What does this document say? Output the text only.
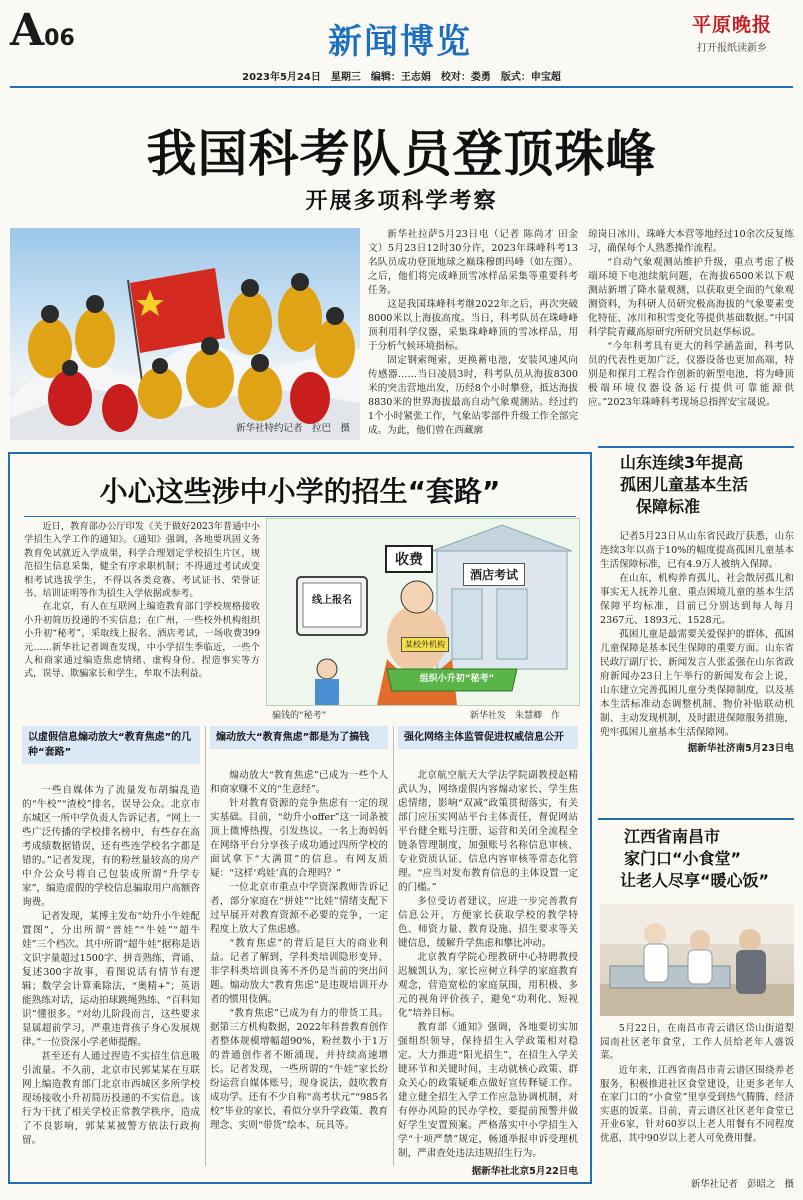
A06	新闻博览	平原晚报
打开报纸读新乡
2023年5月24日　星期三　编辑：王志娟　校对：娄勇　版式：申宝超
我国科考队员登顶珠峰
开展多项科学考察
新华社特约记者　拉巴　摄

新华社拉萨5月23日电（记者 陈尚才 田金文）5月23日12时30分许，2023年珠峰科考13名队员成功登顶地球之巅珠穆朗玛峰（如左图）。之后，他们将完成峰顶雪冰样品采集等重要科考任务。

这是我国珠峰科考继2022年之后，再次突破8000米以上海拔高度。当日，科考队员在珠峰峰顶利用科学仪器，采集珠峰峰顶的雪冰样品，用于分析气候环境指标。

固定钢索绳索，更换蓄电池，安装风速风向传感器……当日凌晨3时，科考队员从海拔8300米的突击营地出发，历经8个小时攀登，抵达海拔8830米的世界海拔最高自动气象观测站。经过约1个小时紧张工作，气象站零部件升级工作全部完成。为此，他们曾在西藏廓

琼岗日冰川、珠峰大本营等地经过10余次反复练习，确保每个人熟悉操作流程。

“自动气象观测站维护升级，重点考虑了极端环境下电池续航问题，在海拔6500米以下观测站新增了降水量观测，以获取更全面的气象观测资料，为科研人员研究极高海拔的气象要素变化特征、冰川和积雪变化等提供基础数据。”中国科学院青藏高原研究所研究员赵华标说。

“今年科考具有更大的科学涵盖面，科考队员的代表性更加广泛，仪器设备也更加高端，特别是和探月工程合作创新的新型电池，将为峰顶极端环境仪器设备运行提供可靠能源供应。”2023年珠峰科考现场总指挥安宝晟说。

小心这些涉中小学的招生“套路”

近日，教育部办公厅印发《关于做好2023年普通中小学招生入学工作的通知》。《通知》强调，各地要巩固义务教育免试就近入学成果，科学合理划定学校招生片区，规范招生信息采集，健全有序求职机制；不得通过考试或变相考试选拔学生，不得以各类竞赛、考试证书、荣誉证书、培训证明等作为招生入学依据或参考。

在北京，有人在互联网上编造教育部门学校规格接收小升初简历投递的不实信息；在广州，一些校外机构组织小升初“秘考”，采取线上报名、酒店考试，一场收费399元……新华社记者调查发现，中小学招生季临近，一些个人和商家通过编造焦虑情绪、虚构身份、捏造事实等方式，误导、欺骗家长和学生，牟取不法利益。

收费
酒店考试
线上报名
某校外机构
组织小升初“秘考”
骗钱的“秘考”	新华社发　朱慧卿　作
以虚假信息煽动放大“教育焦虑”的几种“套路”

一些自媒体为了流量发布胡编乱造的“牛校”“渣校”排名，误导公众。北京市东城区一所中学负责人告诉记者，“网上一些广泛传播的学校排名榜中，有些存在高考成绩数据错误，还有些连学校名字都是错的。”记者发现，有的粉丝量较高的房产中介公众号将自己包装成所谓“升学专家”，编造虚假的学校信息骗取用户高额咨询费。

记者发现，某博主发布“幼升小牛娃配置图”，分出所谓“普娃”“牛娃”“超牛娃”三个档次。其中所谓“超牛娃”据称是语文识字量超过1500字、拼音熟练，背诵、复述300字故事，看图说话有情节有逻辑；数学会计算乘除法，“奥精+”；英语能熟练对话，运动拍球跳绳熟练、“百科知识”懂很多。“对幼儿阶段而言，这些要求显属超前学习，严重违背孩子身心发展规律。”一位资深小学老师提醒。

甚至还有人通过捏造不实招生信息吸引流量。不久前，北京市民郭某某在互联网上编造教育部门北京市西城区多所学校现场接收小升初简历投递的不实信息。该行为干扰了相关学校正常教学秩序，造成了不良影响，郭某某被警方依法行政拘留。

煽动放大“教育焦虑”都是为了搞钱

煽动放大“教育焦虑”已成为一些个人和商家赚不义的“生意经”。

针对教育资源的竞争焦虑有一定的现实基础。目前，“幼升小offer”这一词条被顶上微博热搜，引发热议。一名上海妈妈在网络平台分享孩子成功通过四所学校的面试拿下“大满贯”的信息。有网友质疑：“这样‘鸡娃’真的合理吗？”

一位北京市重点中学资深教师告诉记者，部分家庭在“拼娃”“比娃”情绪支配下过早展开对教育资源不必要的竞争，一定程度上放大了焦虑感。

“教育焦虑”的背后是巨大的商业利益。记者了解到，学科类培训隐形变异、非学科类培训良莠不齐仍是当前的突出问题。煽动放大“教育焦虑”是违规培训开办者的惯用伎俩。

“教育焦虑”已成为有力的带货工具。据第三方机构数据，2022年科普教育创作者整体规模增幅超90%，粉丝数小于1万的普通创作者不断涌现，并持续高速增长。记者发现，一些所谓的“牛娃”家长纷纷运营自媒体账号，现身说法，鼓吹教育成功学。还有不少自称“高考状元”“985名校”毕业的家长，看似分享升学政策、教育理念、实则“带货”绘本、玩具等。

强化网络主体监管促进权威信息公开

北京航空航天大学法学院副教授赵精武认为，网络虚假内容煽动家长、学生焦虑情绪，影响“双减”政策贯彻落实，有关部门应压实网站平台主体责任，督促网站平台健全账号注册、运营和关闭全流程全链条管理制度，加强账号名称信息审核、专业资质认证、信息内容审核等常态化管理。“应当对发布教育信息的主体设置一定的门槛。”

多位受访者建议，应进一步完善教育信息公开，方便家长获取学校的教学特色、师资力量、教育设施、招生要求等关键信息，缓解升学焦虑和攀比冲动。

北京教育学院心理教研中心特聘教授迟毓凯认为，家长应树立科学的家庭教育观念，营造宽松的家庭氛围，用积极、多元的视角评价孩子，避免“功利化、短视化”培养目标。

教育部《通知》强调，各地要切实加强组织领导，保持招生入学政策相对稳定。大力推进“阳光招生”，在招生入学关键环节和关键时间，主动就核心政策、群众关心的政策疑难点做好宣传释疑工作。建立健全招生入学工作应急协调机制，对有停办风险的民办学校，要提前预警并做好学生安置预案。严格落实中小学招生入学“十项严禁”规定，畅通举报申诉受理机制，严肃查处违法违规招生行为。

据新华社北京5月22日电
山东连续3年提高
孤困儿童基本生活
保障标准

记者5月23日从山东省民政厅获悉，山东连续3年以高于10%的幅度提高孤困儿童基本生活保障标准，已有4.9万人被纳入保障。

在山东，机构养育孤儿、社会散居孤儿和事实无人抚养儿童、重点困境儿童的基本生活保障平均标准，目前已分别达到每人每月2367元、1893元、1528元。

孤困儿童是最需要关爱保护的群体，孤困儿童保障是基本民生保障的重要方面。山东省民政厅副厅长、新闻发言人张孟强在山东省政府新闻办23日上午举行的新闻发布会上说，山东建立完善孤困儿童分类保障制度，以及基本生活标准动态调整机制、物价补贴联动机制、主动发现机制，及时跟进保障服务措施，兜牢孤困儿童基本生活保障网。

据新华社济南5月23日电
江西省南昌市
家门口“小食堂”
让老人尽享“暖心饭”
5月22日，在南昌市青云谱区岱山街道梨园南社区老年食堂，工作人员给老年人盛饭菜。
近年来，江西省南昌市青云谱区围绕养老服务，积极推进社区食堂建设，让更多老年人在家门口的“小食堂”里享受到热气腾腾、经济实惠的饭菜。目前，青云谱区社区老年食堂已开业6家，针对60岁以上老人用餐有不同程度优惠，其中90岁以上老人可免费用餐。
新华社记者　彭昭之　摄
